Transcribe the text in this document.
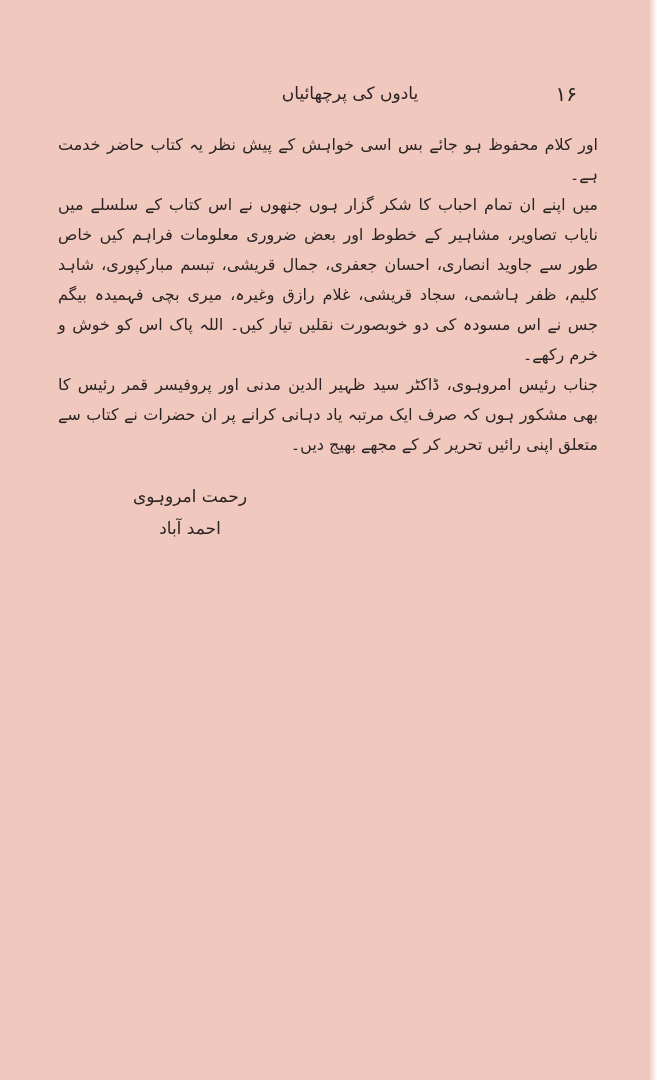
یادوں کی پرچھائیاں	۱۶

اور کلام محفوظ ہو جائے بس اسی خواہش کے پیش نظر یہ کتاب حاضر خدمت ہے۔

میں اپنے ان تمام احباب کا شکر گزار ہوں جنھوں نے اس کتاب کے سلسلے میں نایاب تصاویر، مشاہیر کے خطوط اور بعض ضروری معلومات فراہم کیں خاص طور سے جاوید انصاری، احسان جعفری، جمال قریشی، تبسم مبارکپوری، شاہد کلیم، ظفر ہاشمی، سجاد قریشی، غلام رازق وغیرہ، میری بچی فہمیدہ بیگم جس نے اس مسودہ کی دو خوبصورت نقلیں تیار کیں۔ اللہ پاک اس کو خوش و خرم رکھے۔

جناب رئیس امروہوی، ڈاکٹر سید ظہیر الدین مدنی اور پروفیسر قمر رئیس کا بھی مشکور ہوں کہ صرف ایک مرتبہ یاد دہانی کرانے پر ان حضرات نے کتاب سے متعلق اپنی رائیں تحریر کر کے مجھے بھیج دیں۔

رحمت امروہوی
احمد آباد
